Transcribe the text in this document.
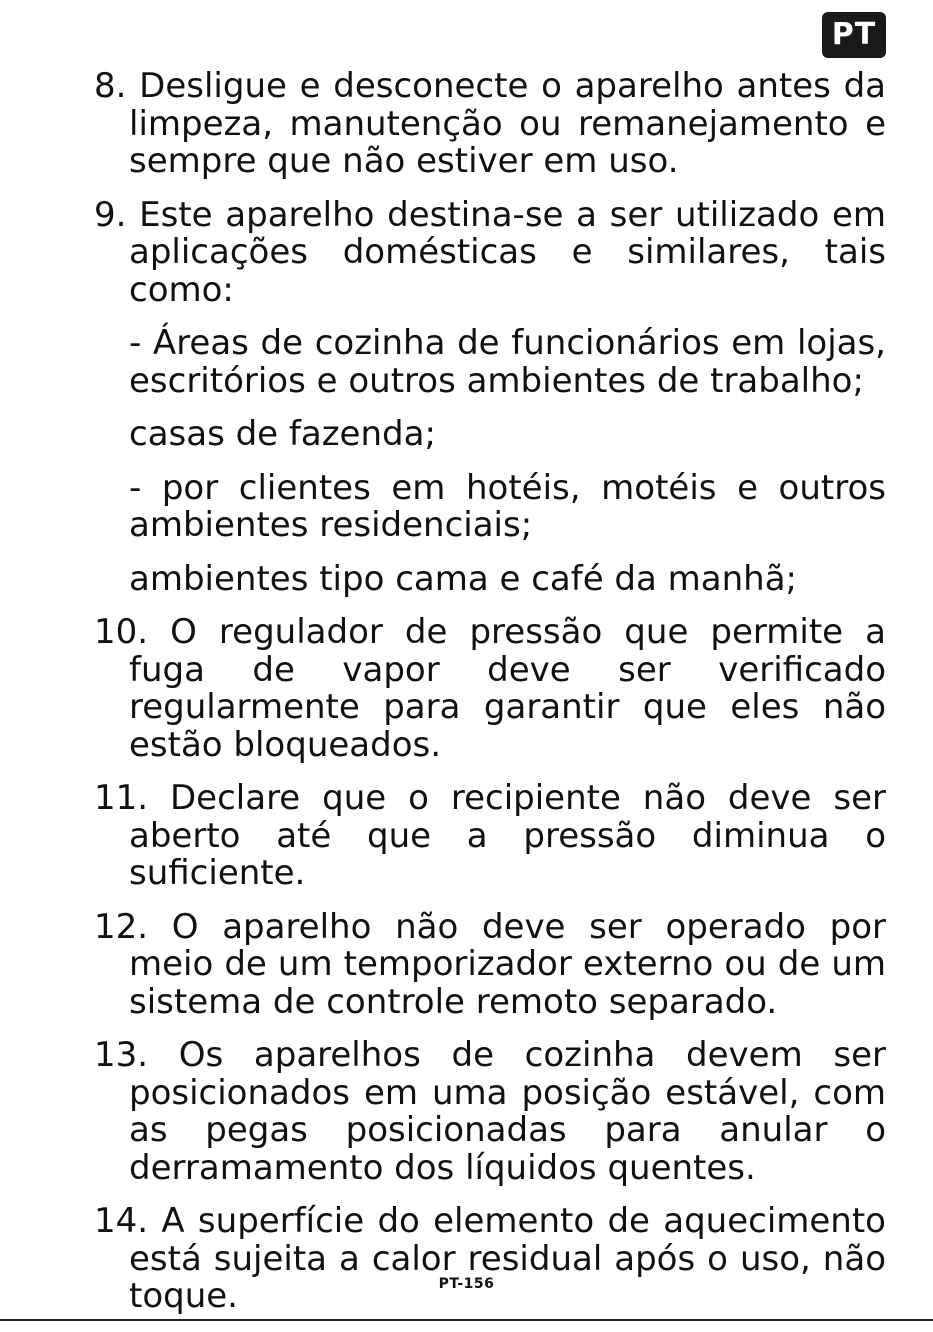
PT

8. Desligue e desconecte o aparelho antes da limpeza, manutenção ou remanejamento e sempre que não estiver em uso.

9. Este aparelho destina-se a ser utilizado em aplicações domésticas e similares, tais como:

- Áreas de cozinha de funcionários em lojas, escritórios e outros ambientes de trabalho;

casas de fazenda;

- por clientes em hotéis, motéis e outros ambientes residenciais;

ambientes tipo cama e café da manhã;

10. O regulador de pressão que permite a fuga de vapor deve ser verificado regularmente para garantir que eles não estão bloqueados.

11. Declare que o recipiente não deve ser aberto até que a pressão diminua o suficiente.

12. O aparelho não deve ser operado por meio de um temporizador externo ou de um sistema de controle remoto separado.

13. Os aparelhos de cozinha devem ser posicionados em uma posição estável, com as pegas posicionadas para anular o derramamento dos líquidos quentes.

14. A superfície do elemento de aquecimento está sujeita a calor residual após o uso, não toque.	PT-156
